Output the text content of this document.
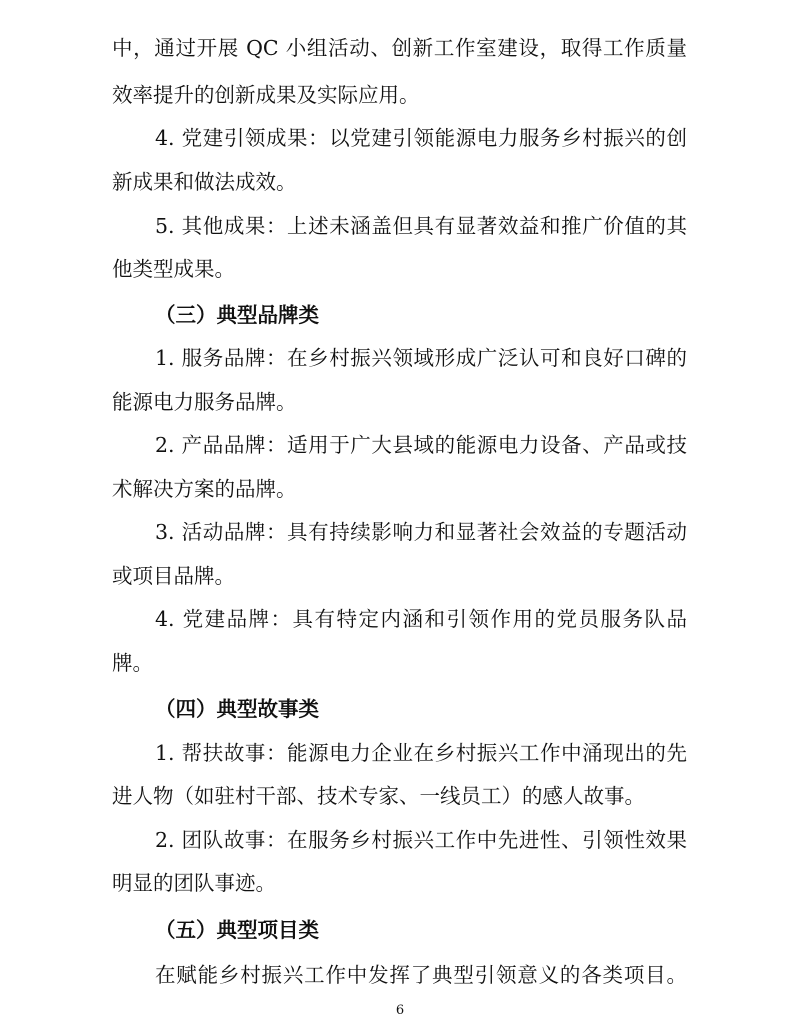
中，通过开展 QC 小组活动、创新工作室建设，取得工作质量
效率提升的创新成果及实际应用。
4. 党建引领成果：以党建引领能源电力服务乡村振兴的创
新成果和做法成效。
5. 其他成果：上述未涵盖但具有显著效益和推广价值的其
他类型成果。
（三）典型品牌类
1. 服务品牌：在乡村振兴领域形成广泛认可和良好口碑的
能源电力服务品牌。
2. 产品品牌：适用于广大县域的能源电力设备、产品或技
术解决方案的品牌。
3. 活动品牌：具有持续影响力和显著社会效益的专题活动
或项目品牌。
4. 党建品牌：具有特定内涵和引领作用的党员服务队品
牌。
（四）典型故事类
1. 帮扶故事：能源电力企业在乡村振兴工作中涌现出的先
进人物（如驻村干部、技术专家、一线员工）的感人故事。
2. 团队故事：在服务乡村振兴工作中先进性、引领性效果
明显的团队事迹。
（五）典型项目类
在赋能乡村振兴工作中发挥了典型引领意义的各类项目。
6
